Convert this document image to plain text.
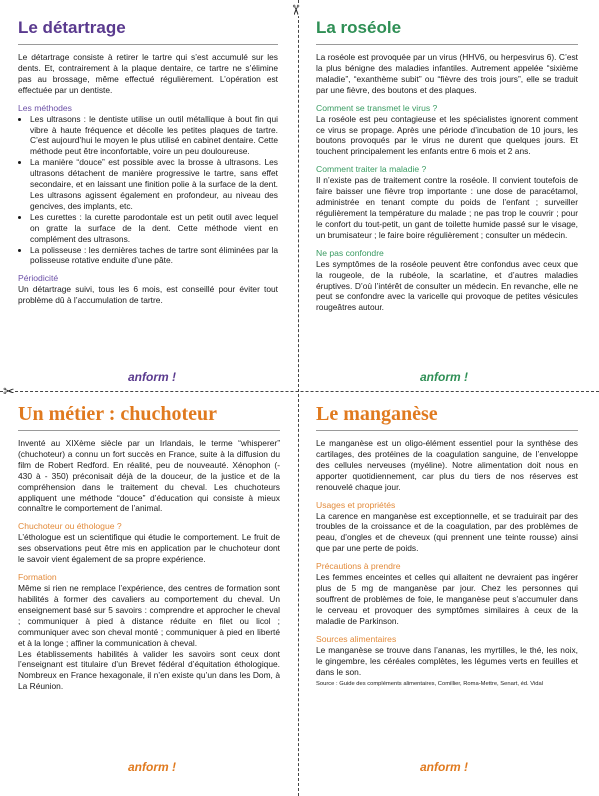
✂
✂
Le détartrage

Le détartrage consiste à retirer le tartre qui s’est accumulé sur les dents. Et, contrairement à la plaque dentaire, ce tartre ne s’élimine pas au brossage, même effectué régulièrement. L’opération est effectuée par un dentiste.

Les méthodes

• Les ultrasons : le dentiste utilise un outil métallique à bout fin qui vibre à haute fréquence et décolle les petites plaques de tartre. C’est aujourd’hui le moyen le plus utilisé en cabinet dentaire. Cette méthode peut être inconfortable, voire un peu douloureuse.
• La manière “douce” est possible avec la brosse à ultrasons. Les ultrasons détachent de manière progressive le tartre, sans effet secondaire, et en laissant une finition polie à la surface de la dent. Les ultrasons agissent également en profondeur, au niveau des gencives, des implants, etc.
• Les curettes : la curette parodontale est un petit outil avec lequel on gratte la surface de la dent. Cette méthode vient en complément des ultrasons.
• La polisseuse : les dernières taches de tartre sont éliminées par la polisseuse rotative enduite d’une pâte.

Périodicité

Un détartrage suivi, tous les 6 mois, est conseillé pour éviter tout problème dû à l’accumulation de tartre.

anform !
La roséole

La roséole est provoquée par un virus (HHV6, ou herpesvirus 6). C’est la plus bénigne des maladies infantiles. Autrement appelée “sixième maladie”, “exanthème subit” ou “fièvre des trois jours”, elle se traduit par une fièvre, des boutons et des plaques.

Comment se transmet le virus ?

La roséole est peu contagieuse et les spécialistes ignorent comment ce virus se propage. Après une période d’incubation de 10 jours, les boutons provoqués par le virus ne durent que quelques jours. Et touchent principalement les enfants entre 6 mois et 2 ans.

Comment traiter la maladie ?

Il n’existe pas de traitement contre la roséole. Il convient toutefois de faire baisser une fièvre trop importante : une dose de paracétamol, administrée en tenant compte du poids de l’enfant ; surveiller régulièrement la température du malade ; ne pas trop le couvrir ; pour le confort du tout-petit, un gant de toilette humide passé sur le visage, un brumisateur ; le faire boire régulièrement ; consulter un médecin.

Ne pas confondre

Les symptômes de la roséole peuvent être confondus avec ceux que la rougeole, de la rubéole, la scarlatine, et d’autres maladies éruptives. D’où l’intérêt de consulter un médecin. En revanche, elle ne peut se confondre avec la varicelle qui provoque de petites vésicules rougeâtres autour.

anform !
Un métier : chuchoteur

Inventé au XIXème siècle par un Irlandais, le terme “whisperer” (chuchoteur) a connu un fort succès en France, suite à la diffusion du film de Robert Redford. En réalité, peu de nouveauté. Xénophon (- 430 à - 350) préconisait déjà de la douceur, de la justice et de la compréhension dans le traitement du cheval. Les chuchoteurs appliquent une méthode “douce” d’éducation qui consiste à mieux connaître le comportement de l’animal.

Chuchoteur ou éthologue ?

L’éthologue est un scientifique qui étudie le comportement. Le fruit de ses observations peut être mis en application par le chuchoteur dont le savoir vient également de sa propre expérience.

Formation

Même si rien ne remplace l’expérience, des centres de formation sont habilités à former des cavaliers au comportement du cheval. Un enseignement basé sur 5 savoirs : comprendre et approcher le cheval ; communiquer à pied à distance réduite en filet ou licol ; communiquer avec son cheval monté ; communiquer à pied en liberté et à la longe ; affiner la communication à cheval.

Les établissements habilités à valider les savoirs sont ceux dont l’enseignant est titulaire d’un Brevet fédéral d’équitation éthologique. Nombreux en France hexagonale, il n’en existe qu’un dans les Dom, à La Réunion.

anform !
Le manganèse

Le manganèse est un oligo-élément essentiel pour la synthèse des cartilages, des protéines de la coagulation sanguine, de l’enveloppe des cellules nerveuses (myéline). Notre alimentation doit nous en apporter quotidiennement, car plus du tiers de nos réserves est renouvelé chaque jour.

Usages et propriétés

La carence en manganèse est exceptionnelle, et se traduirait par des troubles de la croissance et de la coagulation, par des problèmes de peau, d’ongles et de cheveux (qui prennent une teinte rousse) ainsi que par une perte de poids.

Précautions à prendre

Les femmes enceintes et celles qui allaitent ne devraient pas ingérer plus de 5 mg de manganèse par jour. Chez les personnes qui souffrent de problèmes de foie, le manganèse peut s’accumuler dans le cerveau et provoquer des symptômes similaires à ceux de la maladie de Parkinson.

Sources alimentaires

Le manganèse se trouve dans l’ananas, les myrtilles, le thé, les noix, le gingembre, les céréales complètes, les légumes verts en feuilles et dans le son.

Source : Guide des compléments alimentaires, Comillier, Roma-Mettre, Senart, éd. Vidal

anform !
